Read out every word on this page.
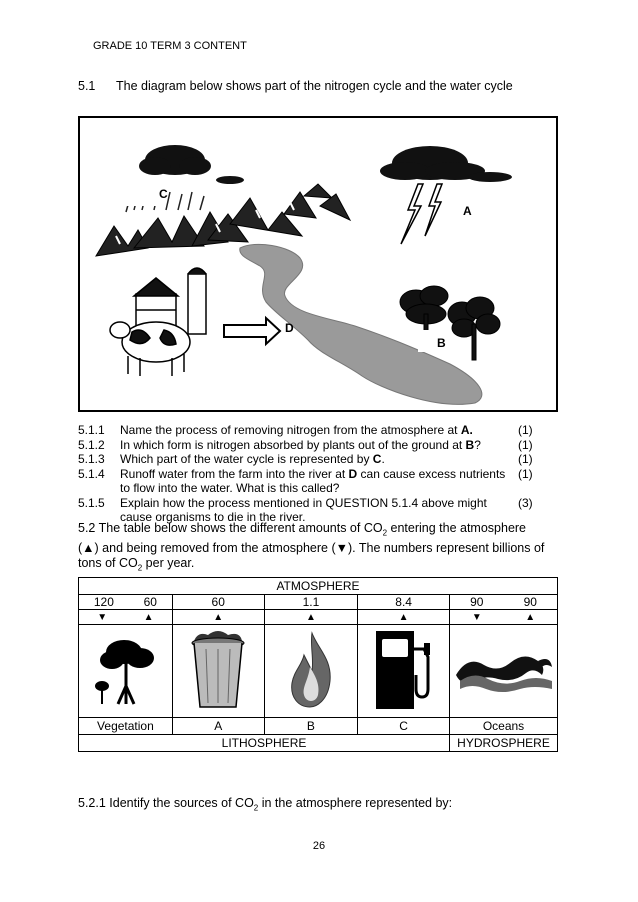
GRADE 10 TERM 3 CONTENT
5.1 The diagram below shows part of the nitrogen cycle and the water cycle
C
A
D
B
5.1.1	Name the process of removing nitrogen from the atmosphere at A.	(1)
5.1.2	In which form is nitrogen absorbed by plants out of the ground at B?	(1)
5.1.3	Which part of the water cycle is represented by C.	(1)
5.1.4	Runoff water from the farm into the river at D can cause excess nutrients to flow into the water. What is this called?
(1)
5.1.5	Explain how the process mentioned in QUESTION 5.1.4 above might cause organisms to die in the river.
(3)
5.2 The table below shows the different amounts of $CO_2$ entering the atmosphere (▲) and being removed from the atmosphere (▼). The numbers represent billions of tons of $CO_2$ per year.
ATMOSPHERE				

120 60	60	1.1	8.4	90 90

▼ ▲	▲	▲	▲	▼ ▲

Vegetation	A	B	C	Oceans
LITHOSPHERE				HYDROSPHERE
5.2.1 Identify the sources of $CO_2$ in the atmosphere represented by:
26
